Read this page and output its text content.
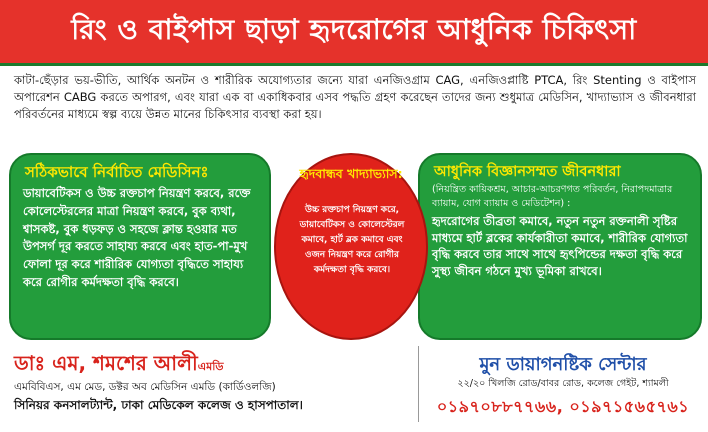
রিং ও বাইপাস ছাড়া হৃদরোগের আধুনিক চিকিৎসা
কাটা-ছেঁড়ার ভয়-ভীতি, আর্থিক অনটন ও শারীরিক অযোগ্যতার জন্যে যারা এনজিওগ্রাম CAG, এনজিওপ্লাষ্টি PTCA, রিং Stenting ও বাইপাস অপারেশন CABG করতে অপারগ, এবং যারা এক বা একাধিকবার এসব পদ্ধতি গ্রহণ করেছেন তাদের জন্য শুধুমাত্র মেডিসিন, খাদ্যাভ্যাস ও জীবনধারা পরিবর্তনের মাধ্যমে স্বল্প ব্যয়ে উন্নত মানের চিকিৎসার ব্যবস্থা করা হয়।
সঠিকভাবে নির্বাচিত মেডিসিনঃ
ডায়াবেটিকস ও উচ্চ রক্তচাপ নিয়ন্ত্রণ করবে, রক্তে কোলেস্টেরলের মাত্রা নিয়ন্ত্রণ করবে, বুক ব্যথা, শ্বাসকষ্ট, বুক ধড়ফড় ও সহজে ক্লান্ত হওয়ার মত উপসর্গ দূর করতে সাহায্য করবে এবং হাত-পা-মুখ ফোলা দূর করে শারীরিক যোগ্যতা বৃদ্ধিতে সাহায্য করে রোগীর কর্মদক্ষতা বৃদ্ধি করবে।
আধুনিক বিজ্ঞানসম্মত জীবনধারা
(নিয়ন্ত্রিত কায়িকশ্রম, আচার-আচরণগত পরিবর্তন, নিরাপদমাত্রার ব্যায়াম, যোগ ব্যায়াম ও মেডিটেশন) :
হৃদরোগের তীব্রতা কমাবে, নতুন নতুন রক্তনালী সৃষ্টির মাধ্যমে হার্ট ব্লকের কার্যকারীতা কমাবে, শারীরিক যোগ্যতা বৃদ্ধি করবে তার সাথে সাথে হৃৎপিন্ডের দক্ষতা বৃদ্ধি করে সুস্থ্য জীবন গঠনে মুখ্য ভূমিকা রাখবে।
হৃদবান্ধব খাদ্যাভ্যাস:
উচ্চ রক্তচাপ নিয়ন্ত্রণ করে, ডায়াবেটিকস ও কোলেস্টেরল কমাবে, হার্ট ব্লক কমাবে এবং ওজন নিয়ন্ত্রণ করে রোগীর কর্মদক্ষতা বৃদ্ধি করবে।
ডাঃ এম, শমশের আলীএমডি
এমবিবিএস, এম মেড, ডক্টর অব মেডিসিন এমডি (কার্ডিওলজি)
সিনিয়র কনসালট্যান্ট, ঢাকা মেডিকেল কলেজ ও হাসপাতাল।
মুন ডায়াগনষ্টিক সেন্টার
২২/২০ খিলজি রোড/বাবর রোড, কলেজ গেইট, শ্যামলী
০১৯৭০৮৮৭৭৬৬, ০১৯৭১৫৬৫৭৬১
